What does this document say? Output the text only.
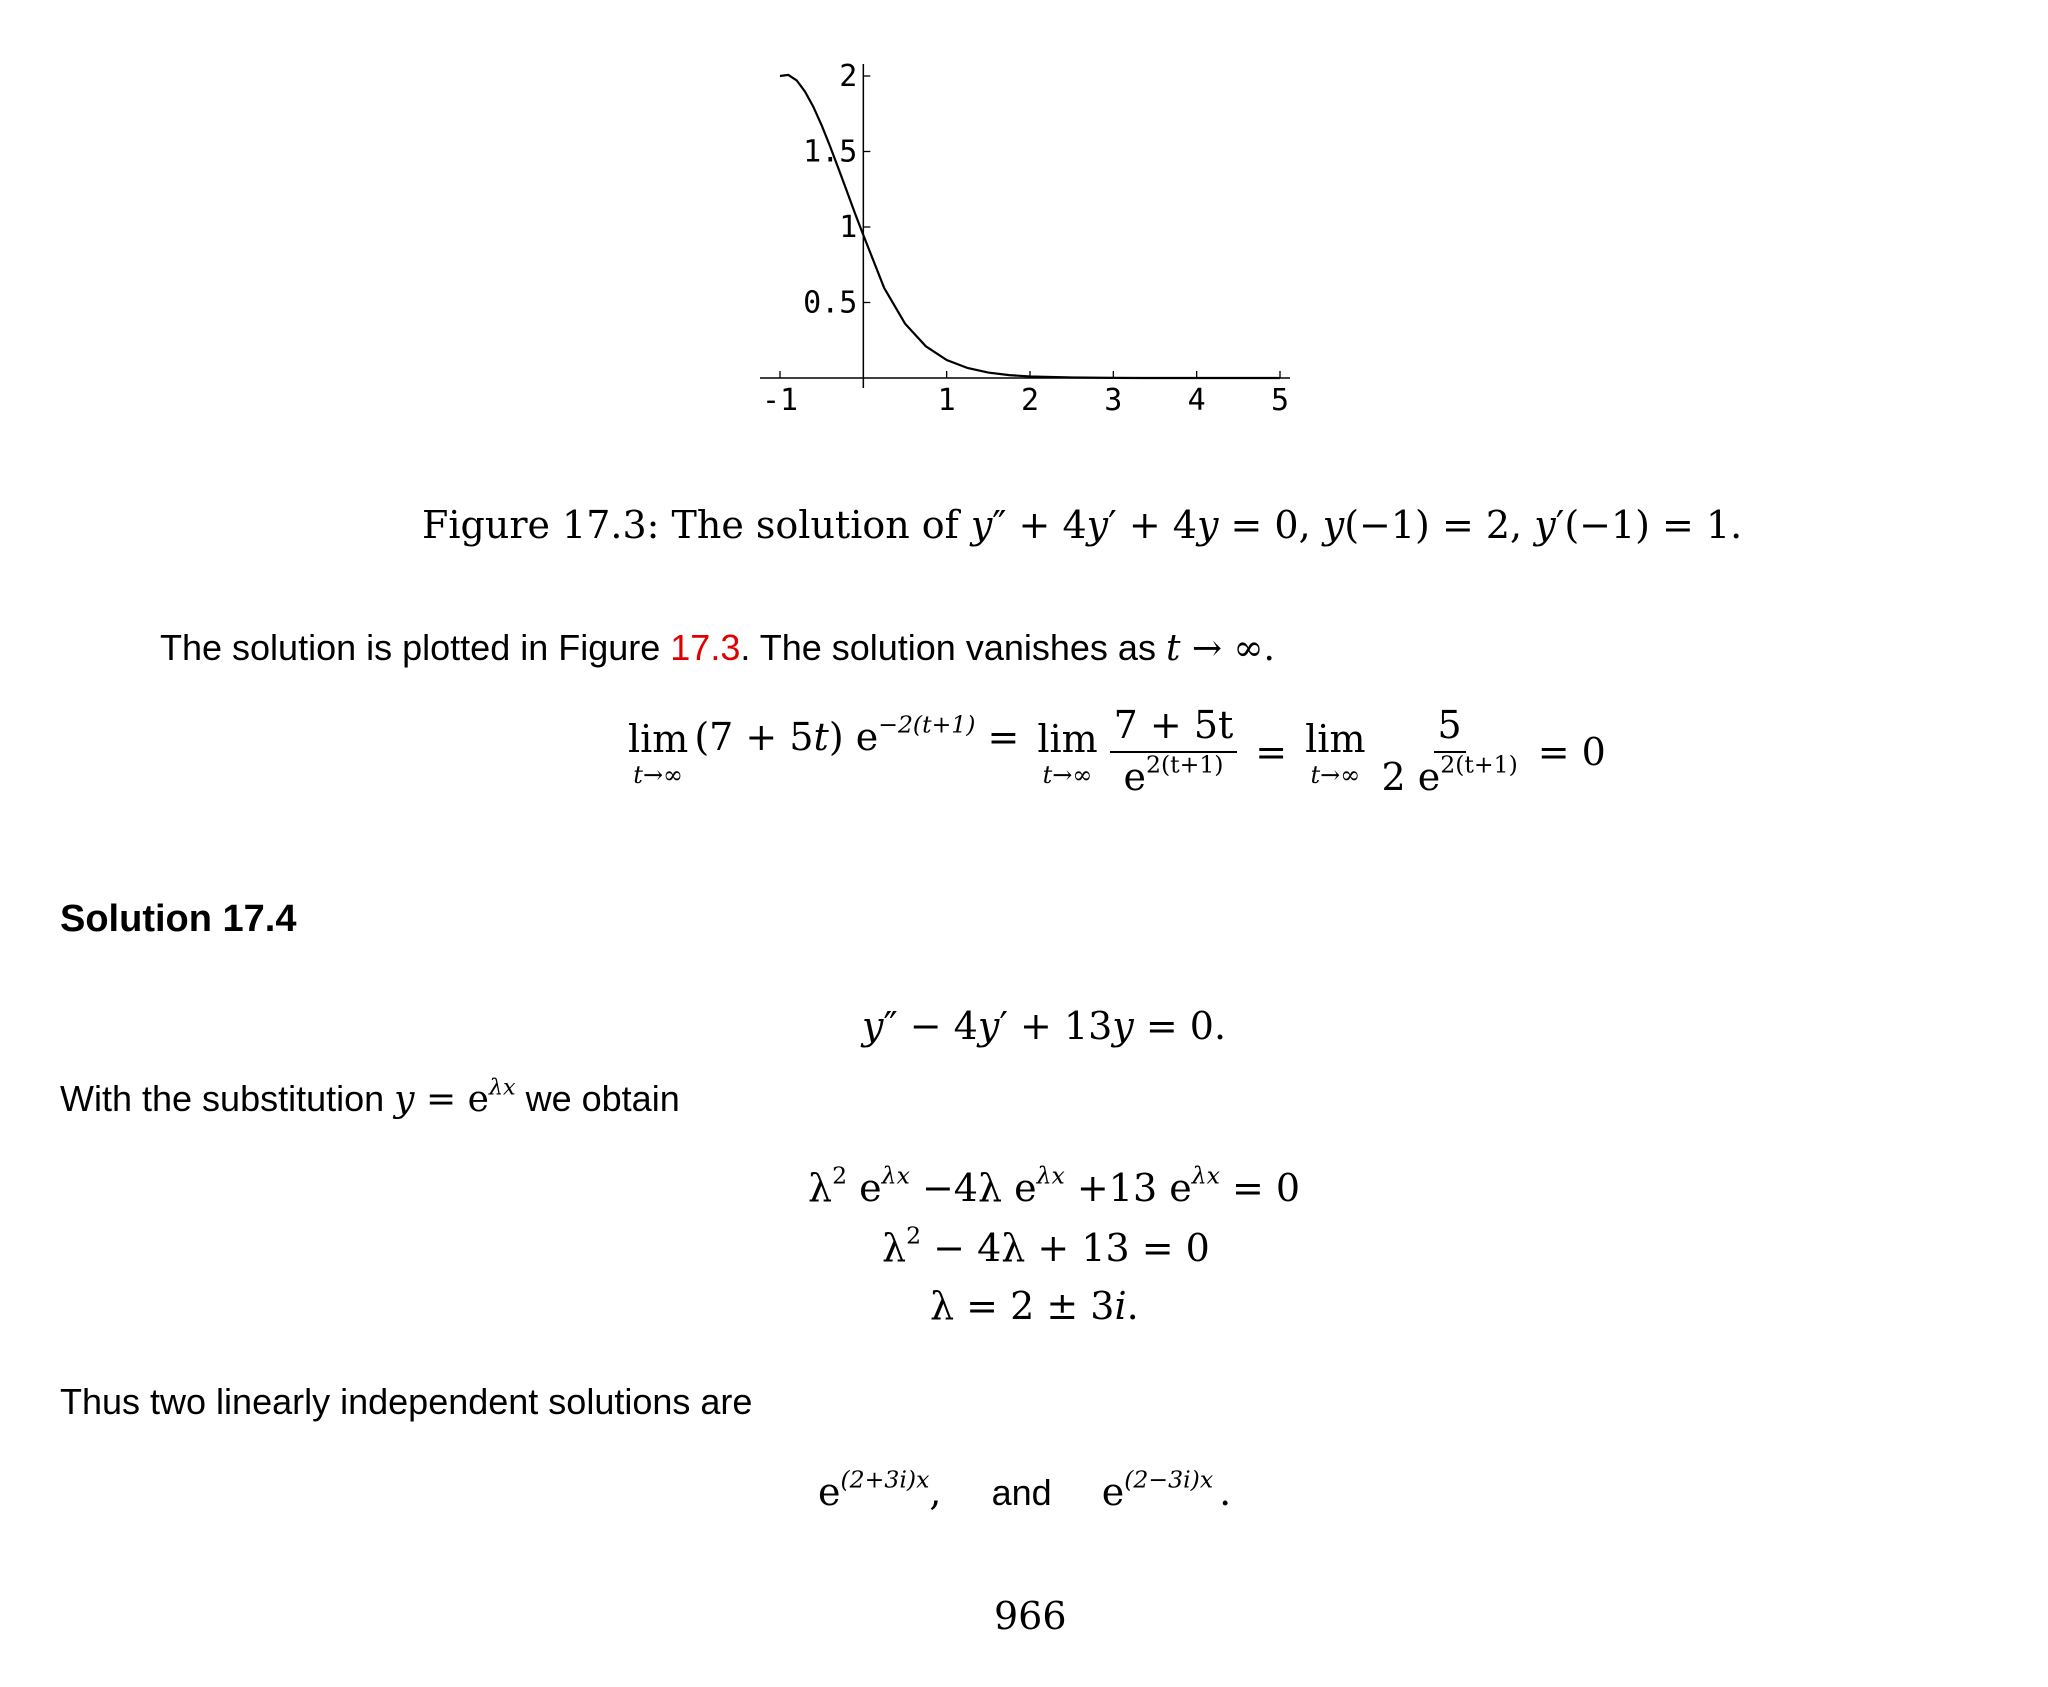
-1	1 2 3 4 5
0.5
1
1.5
2
Figure 17.3: The solution of y″ + 4y′ + 4y = 0, y(−1) = 2, y′(−1) = 1.
The solution is plotted in Figure 17.3. The solution vanishes as t → ∞.
lim
t→∞
(7 + 5t) $e^{-2(t+1)} = \lim$
$t\to\infty \frac{7 + 5t}{e^{2(t+1)}} = \lim$
$t\to\infty \frac{5}{2 e^{2(t+1)}} = 0$
Solution 17.4
y″ − 4y′ + 13y = 0.
With the substitution $y = e^{\lambda x}$ we obtain
$\lambda^2$ $e^{\lambda x} -4\lambda$ $e^{\lambda x} +13$ $e^{\lambda x} = 0$
$\lambda^2 - 4\lambda + 13 = 0$
λ = 2 ± 3i.
Thus two linearly independent solutions are
$e^{(2+3i)x}$, and $e^{(2-3i)x}$ .
966
